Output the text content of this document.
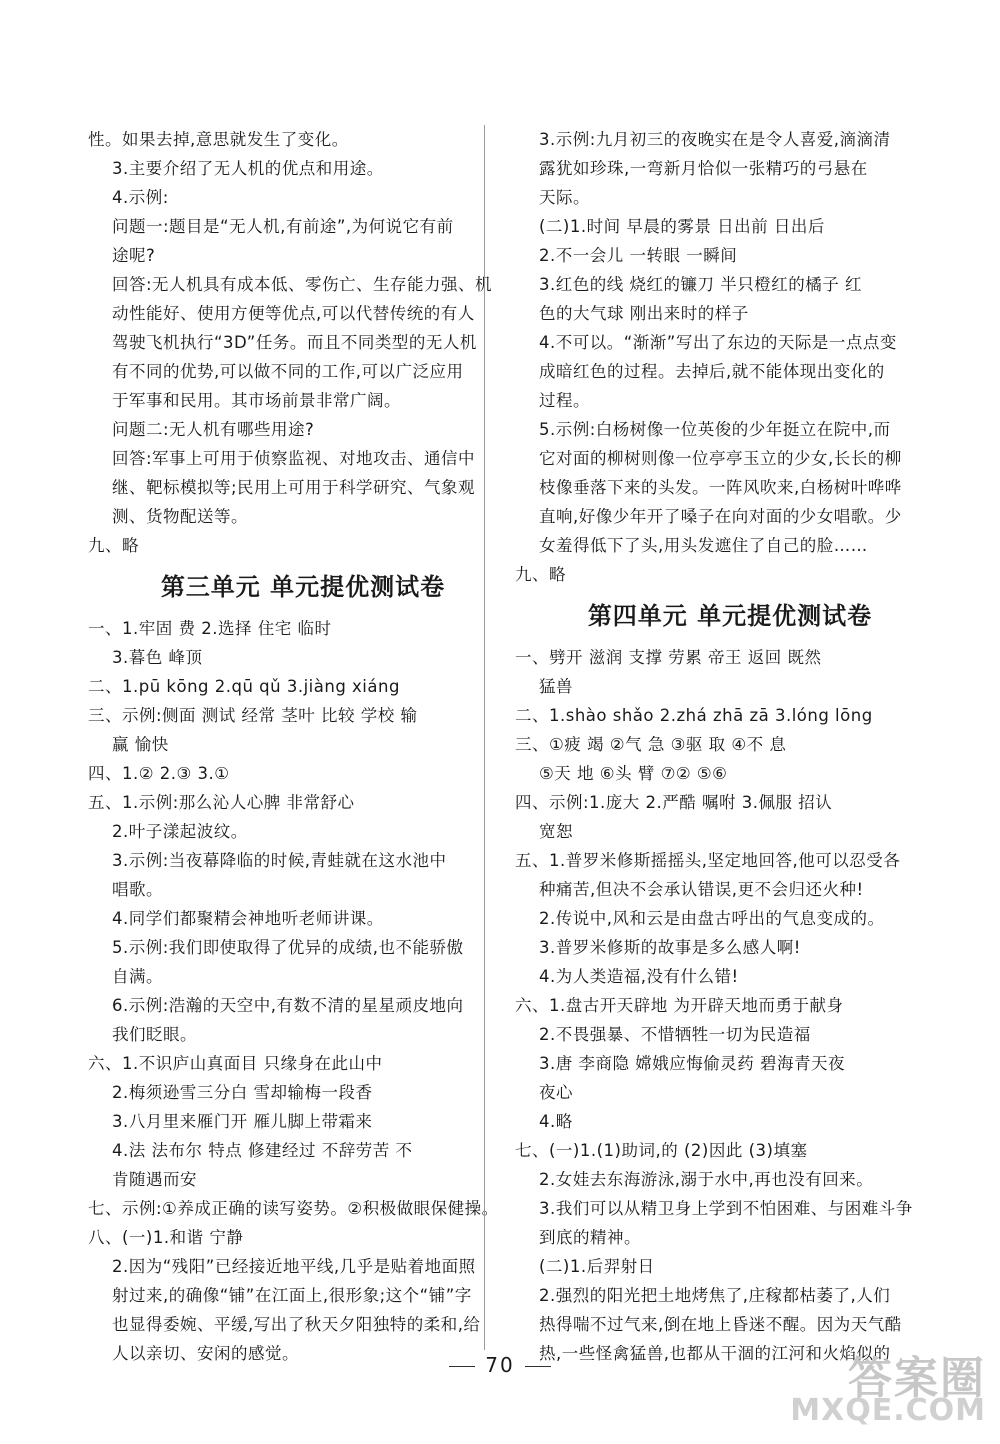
性。如果去掉,意思就发生了变化。
3.主要介绍了无人机的优点和用途。
4.示例:
问题一:题目是“无人机,有前途”,为何说它有前
途呢?
回答:无人机具有成本低、零伤亡、生存能力强、机
动性能好、使用方便等优点,可以代替传统的有人
驾驶飞机执行“3D”任务。而且不同类型的无人机
有不同的优势,可以做不同的工作,可以广泛应用
于军事和民用。其市场前景非常广阔。
问题二:无人机有哪些用途?
回答:军事上可用于侦察监视、对地攻击、通信中
继、靶标模拟等;民用上可用于科学研究、气象观
测、货物配送等。
九、略
第三单元 单元提优测试卷
一、1.牢固 费 2.选择 住宅 临时
3.暮色 峰顶
二、1.pū kōng 2.qū qǔ 3.jiàng xiáng
三、示例:侧面 测试 经常 茎叶 比较 学校 输
赢 愉快
四、1.② 2.③ 3.①
五、1.示例:那么沁人心脾 非常舒心
2.叶子漾起波纹。
3.示例:当夜幕降临的时候,青蛙就在这水池中
唱歌。
4.同学们都聚精会神地听老师讲课。
5.示例:我们即使取得了优异的成绩,也不能骄傲
自满。
6.示例:浩瀚的天空中,有数不清的星星顽皮地向
我们眨眼。
六、1.不识庐山真面目 只缘身在此山中
2.梅须逊雪三分白 雪却输梅一段香
3.八月里来雁门开 雁儿脚上带霜来
4.法 法布尔 特点 修建经过 不辞劳苦 不
肯随遇而安
七、示例:①养成正确的读写姿势。②积极做眼保健操。
八、(一)1.和谐 宁静
2.因为“残阳”已经接近地平线,几乎是贴着地面照
射过来,的确像“铺”在江面上,很形象;这个“铺”字
也显得委婉、平缓,写出了秋天夕阳独特的柔和,给
人以亲切、安闲的感觉。
3.示例:九月初三的夜晚实在是令人喜爱,滴滴清
露犹如珍珠,一弯新月恰似一张精巧的弓悬在
天际。
(二)1.时间 早晨的雾景 日出前 日出后
2.不一会儿 一转眼 一瞬间
3.红色的线 烧红的镰刀 半只橙红的橘子 红
色的大气球 刚出来时的样子
4.不可以。“渐渐”写出了东边的天际是一点点变
成暗红色的过程。去掉后,就不能体现出变化的
过程。
5.示例:白杨树像一位英俊的少年挺立在院中,而
它对面的柳树则像一位亭亭玉立的少女,长长的柳
枝像垂落下来的头发。一阵风吹来,白杨树叶哗哗
直响,好像少年开了嗓子在向对面的少女唱歌。少
女羞得低下了头,用头发遮住了自己的脸……
九、略
第四单元 单元提优测试卷
一、劈开 滋润 支撑 劳累 帝王 返回 既然
猛兽
二、1.shào shǎo 2.zhá zhā zā 3.lóng lōng
三、①疲 竭 ②气 急 ③驱 取 ④不 息
⑤天 地 ⑥头 臂 ⑦② ⑤⑥
四、示例:1.庞大 2.严酷 嘱咐 3.佩服 招认
宽恕
五、1.普罗米修斯摇摇头,坚定地回答,他可以忍受各
种痛苦,但决不会承认错误,更不会归还火种!
2.传说中,风和云是由盘古呼出的气息变成的。
3.普罗米修斯的故事是多么感人啊!
4.为人类造福,没有什么错!
六、1.盘古开天辟地 为开辟天地而勇于献身
2.不畏强暴、不惜牺牲一切为民造福
3.唐 李商隐 嫦娥应悔偷灵药 碧海青天夜
夜心
4.略
七、(一)1.(1)助词,的 (2)因此 (3)填塞
2.女娃去东海游泳,溺于水中,再也没有回来。
3.我们可以从精卫身上学到不怕困难、与困难斗争
到底的精神。
(二)1.后羿射日
2.强烈的阳光把土地烤焦了,庄稼都枯萎了,人们
热得喘不过气来,倒在地上昏迷不醒。因为天气酷
热,一些怪禽猛兽,也都从干涸的江河和火焰似的
70	答案圈
MXQE.COM
